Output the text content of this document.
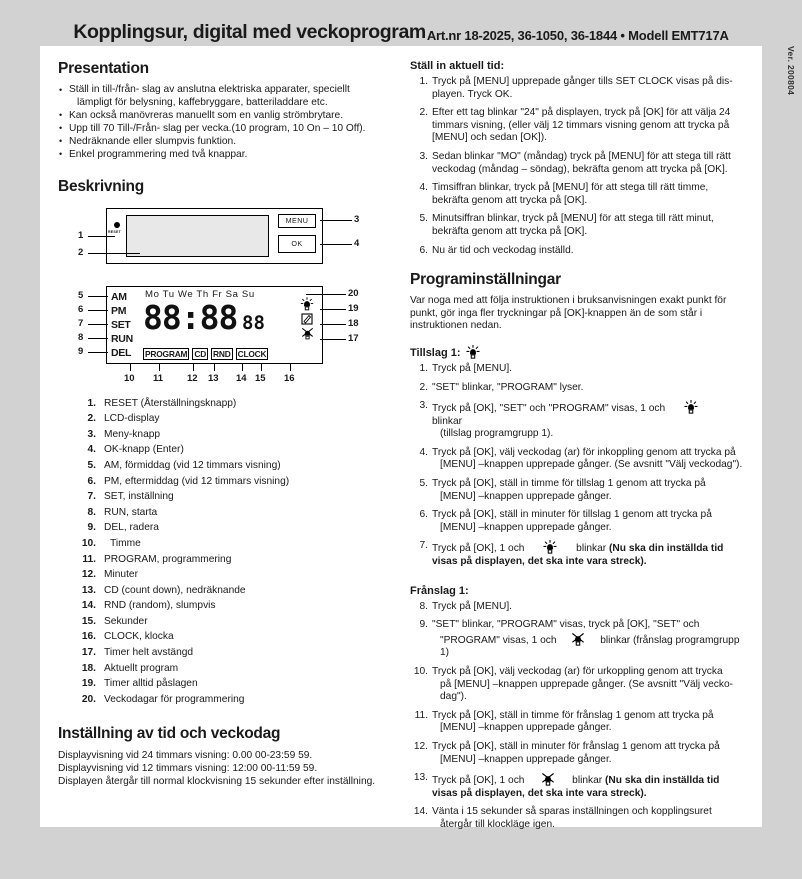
Kopplingsur, digital med veckoprogram Art.nr 18-2025, 36-1050, 36-1844 • Modell EMT717A
Ver. 200804
Presentation
• Ställ in till-/från- slag av anslutna elektriska apparater, speciellt
lämpligt för belysning, kaffebryggare, batteriladdare etc.
• Kan också manövreras manuellt som en vanlig strömbrytare.
• Upp till 70 Till-/Från- slag per vecka.(10 program, 10 On – 10 Off).
• Nedräknande eller slumpvis funktion.
• Enkel programmering med två knappar.
Beskrivning
RESET
MENU
OK
1
2
3
4
AM
PM
SET
RUN
DEL
Mo Tu We Th Fr Sa Su
88:88 88
PROGRAM CD RND CLOCK
5
6
7
8
9
20
19
18
17
10 11	12 13 14 15 16
1. RESET (Återställningsknapp)
2. LCD-display
3. Meny-knapp
4. OK-knapp (Enter)
5. AM, förmiddag (vid 12 timmars visning)
6. PM, eftermiddag (vid 12 timmars visning)
7. SET, inställning
8. RUN, starta
9. DEL, radera
10. Timme
11. PROGRAM, programmering
12. Minuter
13. CD (count down), nedräknande
14. RND (random), slumpvis
15. Sekunder
16. CLOCK, klocka
17. Timer helt avstängd
18. Aktuellt program
19. Timer alltid påslagen
20. Veckodagar för programmering
Inställning av tid och veckodag

Displayvisning vid 24 timmars visning: 0.00 00-23:59 59.

Displayvisning vid 12 timmars visning: 12:00 00-11:59 59.

Displayen återgår till normal klockvisning 15 sekunder efter inställning.

Ställ in aktuell tid:
1. Tryck på [MENU] upprepade gånger tills SET CLOCK visas på dis- playen. Tryck OK.
2. Efter ett tag blinkar "24" på displayen, tryck på [OK] för att välja 24 timmars visning, (eller välj 12 timmars visning genom att trycka på [MENU] och sedan [OK]).
3. Sedan blinkar "MO" (måndag) tryck på [MENU] för att stega till rätt veckodag (måndag – söndag), bekräfta genom att trycka på [OK].
4. Timsiffran blinkar, tryck på [MENU] för att stega till rätt timme, bekräfta genom att trycka på [OK].
5. Minutsiffran blinkar, tryck på [MENU] för att stega till rätt minut, bekräfta genom att trycka på [OK].
6. Nu är tid och veckodag inställd.
Programinställningar

Var noga med att följa instruktionen i bruksanvisningen exakt punkt för punkt, gör inga fler tryckningar på [OK]-knappen än de som står i instruktionen nedan.

Tillslag 1:
1. Tryck på [MENU].
2. "SET" blinkar, "PROGRAM" lyser.
3. Tryck på [OK], "SET" och "PROGRAM" visas, 1 och  blinkar
(tillslag programgrupp 1).
4. Tryck på [OK], välj veckodag (ar) för inkoppling genom att trycka på
[MENU] –knappen upprepade gånger. (Se avsnitt "Välj veckodag").
5. Tryck på [OK], ställ in timme för tillslag 1 genom att trycka på
[MENU] –knappen upprepade gånger.
6. Tryck på [OK], ställ in minuter för tillslag 1 genom att trycka på
[MENU] –knappen upprepade gånger.
7. Tryck på [OK], 1 och	blinkar (Nu ska din inställda tid visas på displayen, det ska inte vara streck).
Frånslag 1:
8. Tryck på [MENU].
9. "SET" blinkar, "PROGRAM" visas, tryck på [OK], "SET" och
"PROGRAM" visas, 1 och	blinkar (frånslag programgrupp 1)
10. Tryck på [OK], välj veckodag (ar) för urkoppling genom att trycka
på [MENU] –knappen upprepade gånger. (Se avsnitt "Välj vecko-dag").
11. Tryck på [OK], ställ in timme för frånslag 1 genom att trycka på
[MENU] –knappen upprepade gånger.
12. Tryck på [OK], ställ in minuter för frånslag 1 genom att trycka på
[MENU] –knappen upprepade gånger.
13. Tryck på [OK], 1 och	blinkar (Nu ska din inställda tid visas på displayen, det ska inte vara streck).
14. Vänta i 15 sekunder så sparas inställningen och kopplingsuret
återgår till klockläge igen.
